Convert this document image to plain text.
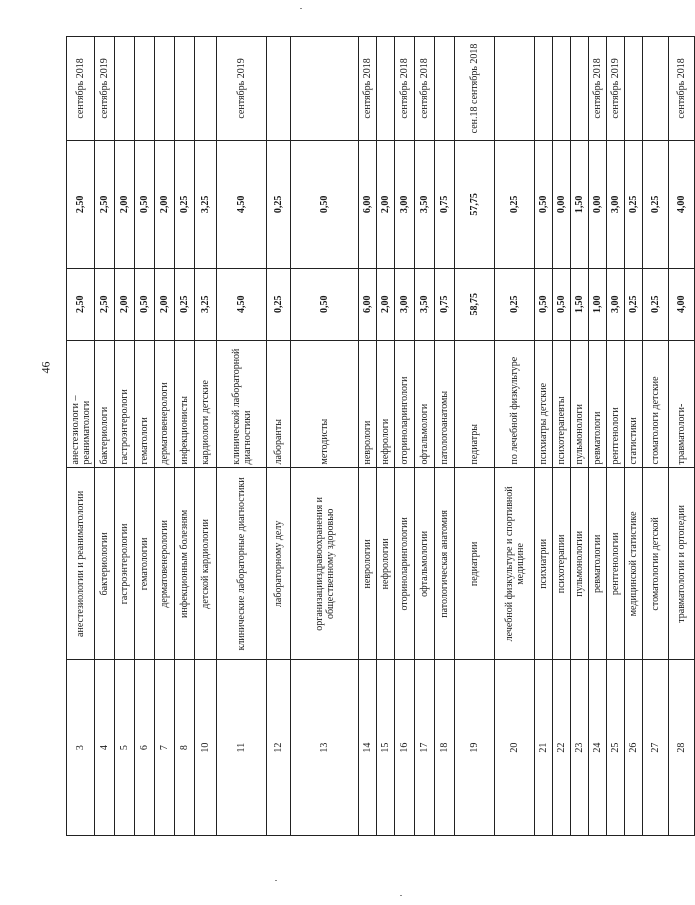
46
3	анестезиологии и реаниматологии	анестезиологи – реаниматологи	2,50	2,50	сентябрь 2018
4	бактериологии	бактериологи	2,50	2,50	сентябрь 2019
5	гастроэнтерологии	гастроэнтерологи	2,00	2,00	
6	гематологии	гематологи	0,50	0,50	
7	дерматовенерологии	дерматовенерологи	2,00	2,00	
8	инфекционным болезням	инфекционисты	0,25	0,25	
10	детской кардиологии	кардиологи детские	3,25	3,25	
11	клинические лабораторные диагностики	клинической лабораторной диагностики	4,50	4,50	сентябрь 2019
12	лабораторному делу	лаборанты	0,25	0,25	
13	организацииздравоохранения и общественному здоровью	методисты	0,50	0,50	
14	неврологии	неврологи	6,00	6,00	сентябрь 2018
15	нефрологии	нефрологи	2,00	2,00	
16	оториноларингологии	оториноларингологи	3,00	3,00	сентябрь 2018
17	офтальмологии	офтальмологи	3,50	3,50	сентябрь 2018
18	патологическая анатомия	патологоанатомы	0,75	0,75	
19	педиатрии	педиатры	58,75	57,75	сен.18 сентябрь 2018
20	лечебной физкультуре и спортивной медицине	по лечебной физкультуре	0,25	0,25	
21	психиатрии	психиатры детские	0,50	0,50	
22	психотерапии	психотерапевты	0,50	0,00	
23	пульмонологии	пульмонологи	1,50	1,50	
24	ревматологии	ревматологи	1,00	0,00	сентябрь 2018
25	рентгенологии	рентгенологи	3,00	3,00	сентябрь 2019
26	медицинской статистике	статистики	0,25	0,25	
27	стоматологии детской	стоматологи детские	0,25	0,25	
28	травматологии и ортопедии	травматологи-	4,00	4,00	сентябрь 2018
